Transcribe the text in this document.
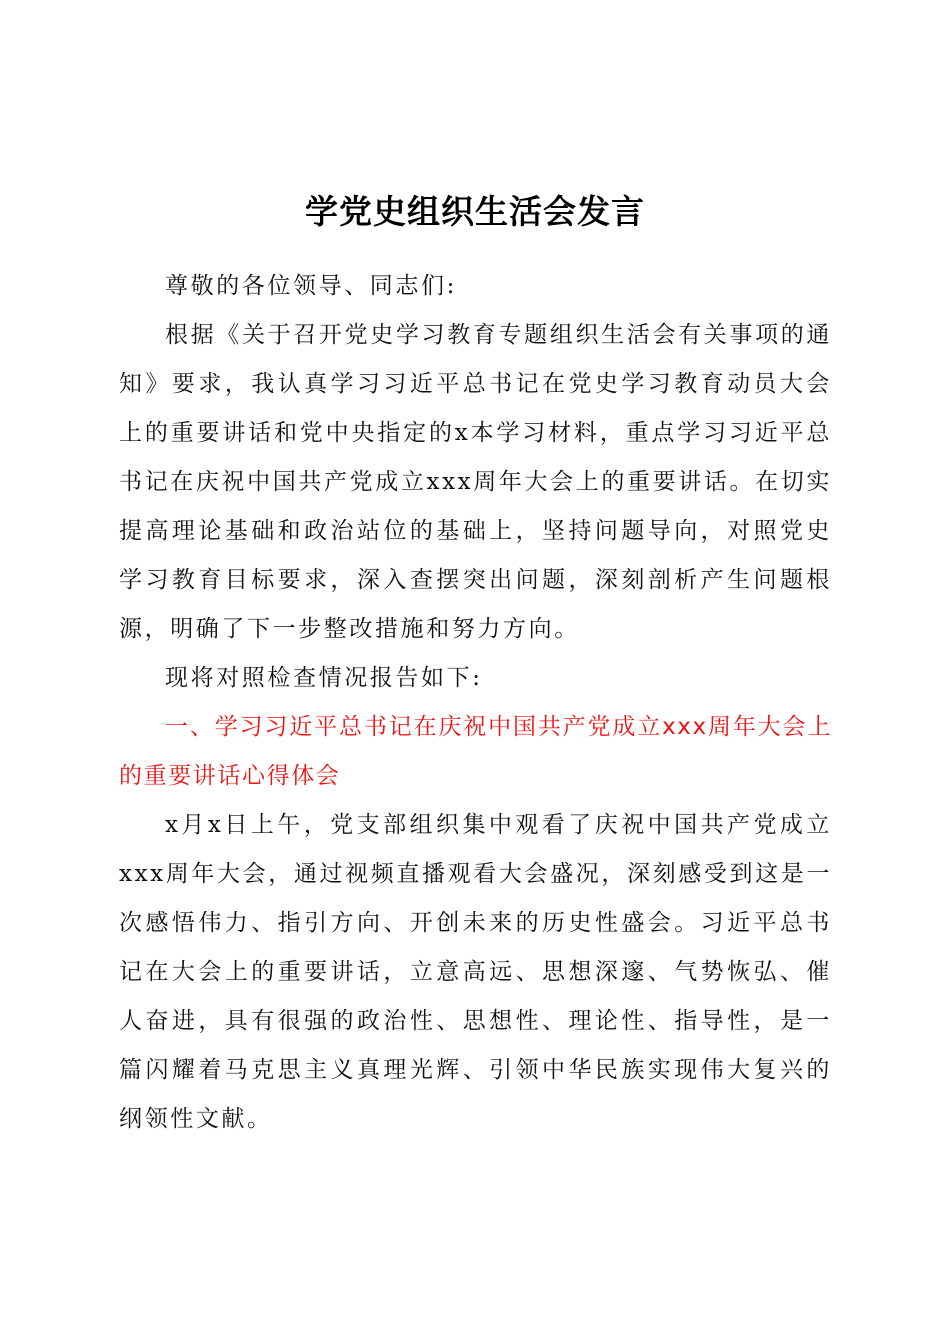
学党史组织生活会发言

尊敬的各位领导、同志们:

根据《关于召开党史学习教育专题组织生活会有关事项的通知》要求，我认真学习习近平总书记在党史学习教育动员大会上的重要讲话和党中央指定的x本学习材料，重点学习习近平总书记在庆祝中国共产党成立xxx周年大会上的重要讲话。在切实提高理论基础和政治站位的基础上，坚持问题导向，对照党史学习教育目标要求，深入查摆突出问题，深刻剖析产生问题根源，明确了下一步整改措施和努力方向。

现将对照检查情况报告如下:

一、学习习近平总书记在庆祝中国共产党成立xxx周年大会上的重要讲话心得体会

x月x日上午，党支部组织集中观看了庆祝中国共产党成立xxx周年大会，通过视频直播观看大会盛况，深刻感受到这是一次感悟伟力、指引方向、开创未来的历史性盛会。习近平总书记在大会上的重要讲话，立意高远、思想深邃、气势恢弘、催人奋进，具有很强的政治性、思想性、理论性、指导性，是一篇闪耀着马克思主义真理光辉、引领中华民族实现伟大复兴的纲领性文献。
